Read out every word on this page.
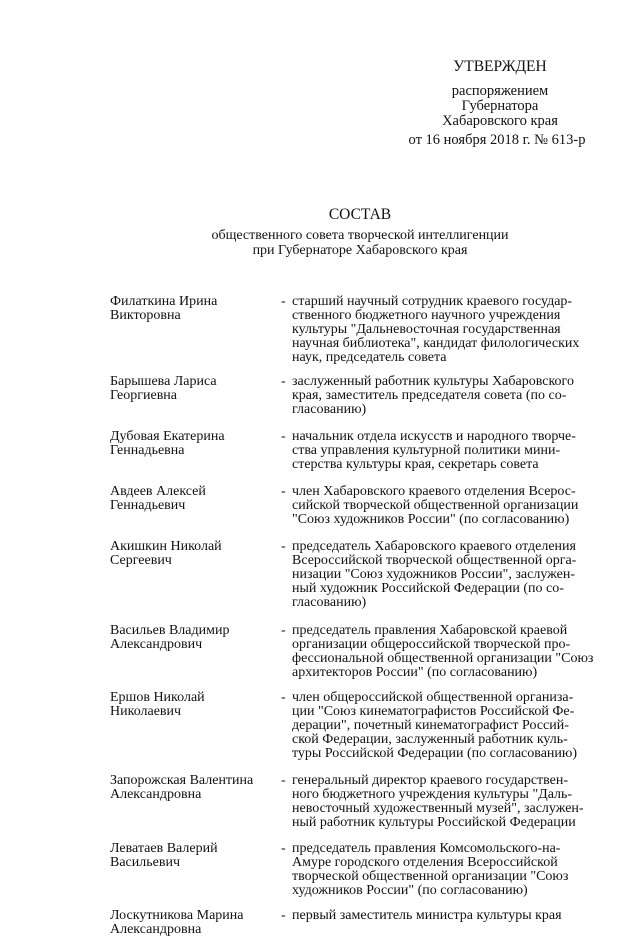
УТВЕРЖДЕН
распоряжением
Губернатора
Хабаровского края
от 16 ноября 2018 г. № 613-р
СОСТАВ
общественного совета творческой интеллигенции
при Губернаторе Хабаровского края
Филаткина Ирина
Викторовна
- старший научный сотрудник краевого государ-
ственного бюджетного научного учреждения
культуры "Дальневосточная государственная
научная библиотека", кандидат филологических
наук, председатель совета
Барышева Лариса
Георгиевна
- заслуженный работник культуры Хабаровского
края, заместитель председателя совета (по со-
гласованию)
Дубовая Екатерина
Геннадьевна
- начальник отдела искусств и народного творче-
ства управления культурной политики мини-
стерства культуры края, секретарь совета
Авдеев Алексей
Геннадьевич
- член Хабаровского краевого отделения Всерос-
сийской творческой общественной организации
"Союз художников России" (по согласованию)
Акишкин Николай
Сергеевич
- председатель Хабаровского краевого отделения
Всероссийской творческой общественной орга-
низации "Союз художников России", заслужен-
ный художник Российской Федерации (по со-
гласованию)
Васильев Владимир
Александрович
- председатель правления Хабаровской краевой
организации общероссийской творческой про-
фессиональной общественной организации "Союз
архитекторов России" (по согласованию)
Ершов Николай
Николаевич
- член общероссийской общественной организа-
ции "Союз кинематографистов Российской Фе-
дерации", почетный кинематографист Россий-
ской Федерации, заслуженный работник куль-
туры Российской Федерации (по согласованию)
Запорожская Валентина
Александровна
- генеральный директор краевого государствен-
ного бюджетного учреждения культуры "Даль-
невосточный художественный музей", заслужен-
ный работник культуры Российской Федерации
Леватаев Валерий
Васильевич
- председатель правления Комсомольского-на-
Амуре городского отделения Всероссийской
творческой общественной организации "Союз
художников России" (по согласованию)
Лоскутникова Марина
Александровна
- первый заместитель министра культуры края
